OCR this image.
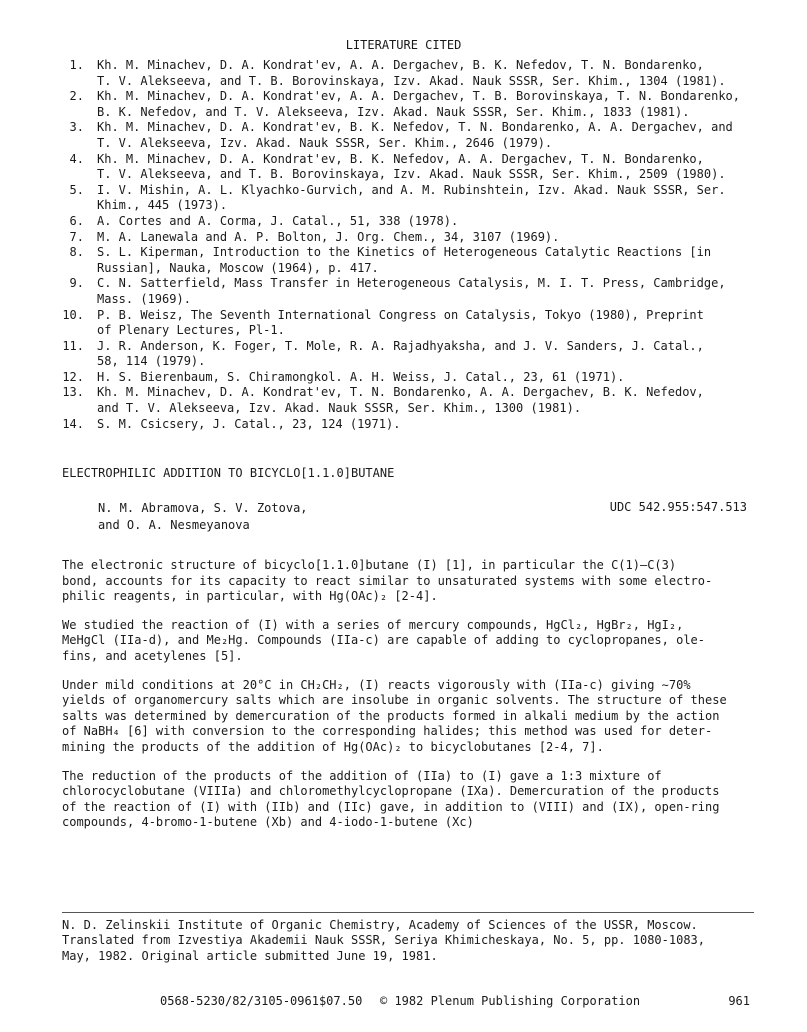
LITERATURE CITED
1.	Kh. M. Minachev, D. A. Kondrat'ev, A. A. Dergachev, B. K. Nefedov, T. N. Bondarenko,
T. V. Alekseeva, and T. B. Borovinskaya, Izv. Akad. Nauk SSSR, Ser. Khim., 1304 (1981).
2.	Kh. M. Minachev, D. A. Kondrat'ev, A. A. Dergachev, T. B. Borovinskaya, T. N. Bondarenko,
B. K. Nefedov, and T. V. Alekseeva, Izv. Akad. Nauk SSSR, Ser. Khim., 1833 (1981).
3.	Kh. M. Minachev, D. A. Kondrat'ev, B. K. Nefedov, T. N. Bondarenko, A. A. Dergachev, and
T. V. Alekseeva, Izv. Akad. Nauk SSSR, Ser. Khim., 2646 (1979).
4.	Kh. M. Minachev, D. A. Kondrat'ev, B. K. Nefedov, A. A. Dergachev, T. N. Bondarenko,
T. V. Alekseeva, and T. B. Borovinskaya, Izv. Akad. Nauk SSSR, Ser. Khim., 2509 (1980).
5.	I. V. Mishin, A. L. Klyachko-Gurvich, and A. M. Rubinshtein, Izv. Akad. Nauk SSSR, Ser.
Khim., 445 (1973).
6.	A. Cortes and A. Corma, J. Catal., 51, 338 (1978).
7.	M. A. Lanewala and A. P. Bolton, J. Org. Chem., 34, 3107 (1969).
8.	S. L. Kiperman, Introduction to the Kinetics of Heterogeneous Catalytic Reactions [in
Russian], Nauka, Moscow (1964), p. 417.
9.	C. N. Satterfield, Mass Transfer in Heterogeneous Catalysis, M. I. T. Press, Cambridge,
Mass. (1969).
10.	P. B. Weisz, The Seventh International Congress on Catalysis, Tokyo (1980), Preprint
of Plenary Lectures, Pl-1.
11.	J. R. Anderson, K. Foger, T. Mole, R. A. Rajadhyaksha, and J. V. Sanders, J. Catal.,
58, 114 (1979).
12.	H. S. Bierenbaum, S. Chiramongkol. A. H. Weiss, J. Catal., 23, 61 (1971).
13.	Kh. M. Minachev, D. A. Kondrat'ev, T. N. Bondarenko, A. A. Dergachev, B. K. Nefedov,
and T. V. Alekseeva, Izv. Akad. Nauk SSSR, Ser. Khim., 1300 (1981).
14.	S. M. Csicsery, J. Catal., 23, 124 (1971).
ELECTROPHILIC ADDITION TO BICYCLO[1.1.0]BUTANE
N. M. Abramova, S. V. Zotova,
and O. A. Nesmeyanova
UDC 542.955:547.513

The electronic structure of bicyclo[1.1.0]butane (I) [1], in particular the C(1)—C(3)
bond, accounts for its capacity to react similar to unsaturated systems with some electro-
philic reagents, in particular, with Hg(OAc)₂ [2-4].

We studied the reaction of (I) with a series of mercury compounds, HgCl₂, HgBr₂, HgI₂,
MeHgCl (IIa-d), and Me₂Hg. Compounds (IIa-c) are capable of adding to cyclopropanes, ole-
fins, and acetylenes [5].

Under mild conditions at 20°C in CH₂CH₂, (I) reacts vigorously with (IIa-c) giving ∼70%
yields of organomercury salts which are insolube in organic solvents. The structure of these
salts was determined by demercuration of the products formed in alkali medium by the action
of NaBH₄ [6] with conversion to the corresponding halides; this method was used for deter-
mining the products of the addition of Hg(OAc)₂ to bicyclobutanes [2-4, 7].

The reduction of the products of the addition of (IIa) to (I) gave a 1:3 mixture of
chlorocyclobutane (VIIIa) and chloromethylcyclopropane (IXa). Demercuration of the products
of the reaction of (I) with (IIb) and (IIc) gave, in addition to (VIII) and (IX), open-ring
compounds, 4-bromo-1-butene (Xb) and 4-iodo-1-butene (Xc)

N. D. Zelinskii Institute of Organic Chemistry, Academy of Sciences of the USSR, Moscow.
Translated from Izvestiya Akademii Nauk SSSR, Seriya Khimicheskaya, No. 5, pp. 1080-1083,
May, 1982. Original article submitted June 19, 1981.
0568-5230/82/3105-0961$07.50	© 1982 Plenum Publishing Corporation	961
